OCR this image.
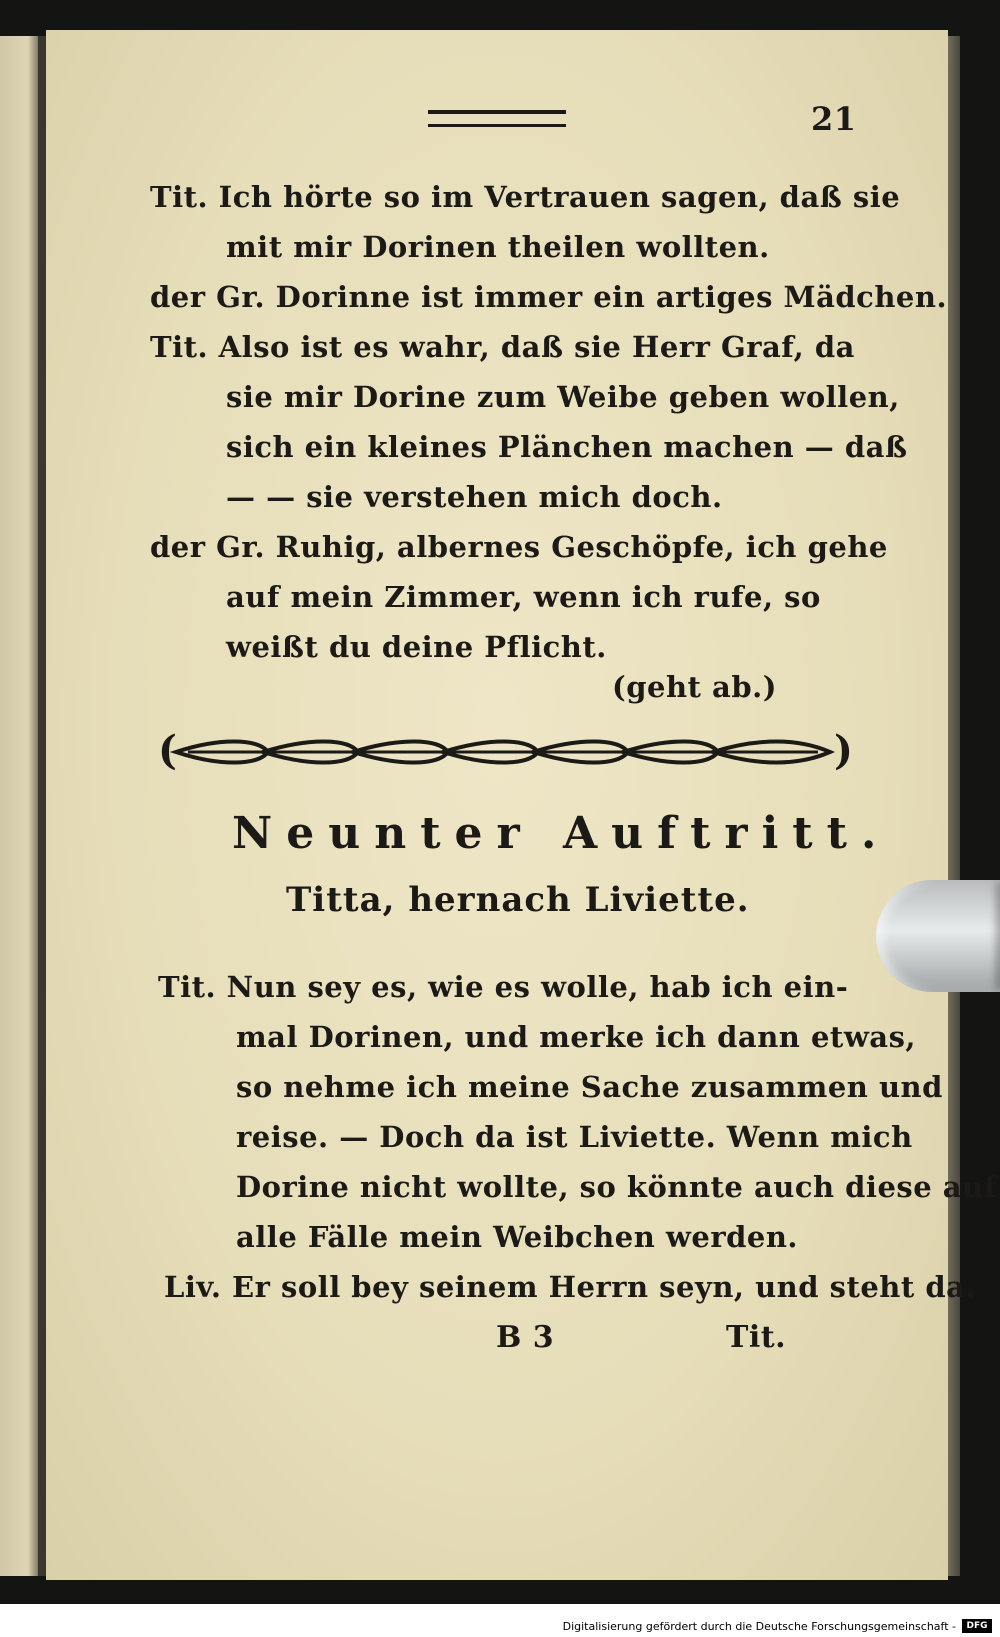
21
Tit. Ich hörte so im Vertrauen sagen, daß sie
mit mir Dorinen theilen wollten.
der Gr. Dorinne ist immer ein artiges Mädchen.
Tit. Also ist es wahr, daß sie Herr Graf, da
sie mir Dorine zum Weibe geben wollen,
sich ein kleines Plänchen machen — daß
— — sie verstehen mich doch.
der Gr. Ruhig, albernes Geschöpfe, ich gehe
auf mein Zimmer, wenn ich rufe, so
weißt du deine Pflicht.
(geht ab.)
(	)
Neunter Auftritt.
Titta, hernach Liviette.
Tit. Nun sey es, wie es wolle, hab ich ein-
mal Dorinen, und merke ich dann etwas,
so nehme ich meine Sache zusammen und
reise. — Doch da ist Liviette. Wenn mich
Dorine nicht wollte, so könnte auch diese auf
alle Fälle mein Weibchen werden.
Liv. Er soll bey seinem Herrn seyn, und steht da.
B 3	Tit.
Digitalisierung gefördert durch die Deutsche Forschungsgemeinschaft -	DFG
